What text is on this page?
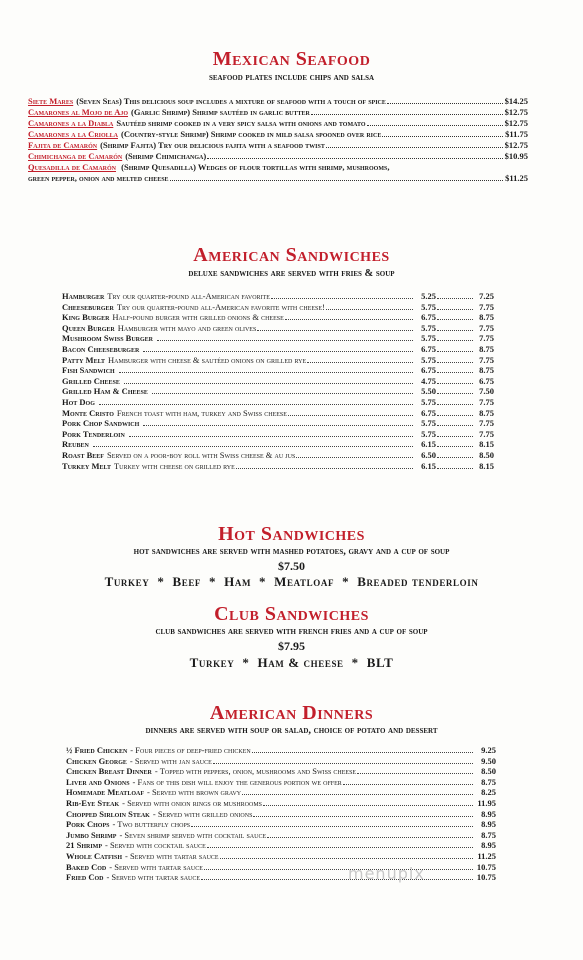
Mexican Seafood

seafood plates include chips and salsa

Siete Mares (Seven Seas) This delicious soup includes a mixture of seafood with a touch of spice	$14.25
Camarones al Mojo de Ajo (Garlic Shrimp) Shrimp sautéed in garlic butter	$12.75
Camarones a la Diabla Sautéed shrimp cooked in a very spicy salsa with onions and tomato	$12.75
Camarones a la Criolla (Country-style Shrimp) Shrimp cooked in mild salsa spooned over rice	$11.75
Fajita de Camarón (Shrimp Fajita) Try our delicious fajita with a seafood twist	$12.75
Chimichanga de Camarón (Shrimp Chimichanga)	$10.95
Quesadilla de Camarón (Shrimp Quesadilla) Wedges of flour tortillas with shrimp, mushrooms,
green pepper, onion and melted cheese	$11.25
American Sandwiches

deluxe sandwiches are served with fries & soup

Hamburger Try our quarter-pound all-American favorite	5.25	7.25
Cheeseburger Try our quarter-pound all-American favorite with cheese!	5.75	7.75
King Burger Half-pound burger with grilled onions & cheese	6.75	8.75
Queen Burger Hamburger with mayo and green olives	5.75	7.75
Mushroom Swiss Burger	5.75	7.75
Bacon Cheeseburger	6.75	8.75
Patty Melt Hamburger with cheese & sautéed onions on grilled rye	5.75	7.75
Fish Sandwich	6.75	8.75
Grilled Cheese	4.75	6.75
Grilled Ham & Cheese	5.50	7.50
Hot Dog	5.75	7.75
Monte Cristo French toast with ham, turkey and Swiss cheese	6.75	8.75
Pork Chop Sandwich	5.75	7.75
Pork Tenderloin	5.75	7.75
Reuben	6.15	8.15
Roast Beef Served on a poor-boy roll with Swiss cheese & au jus	6.50	8.50
Turkey Melt Turkey with cheese on grilled rye	6.15	8.15
Hot Sandwiches

hot sandwiches are served with mashed potatoes, gravy and a cup of soup

$7.50

Turkey * Beef * Ham * Meatloaf * Breaded tenderloin

Club Sandwiches

club sandwiches are served with french fries and a cup of soup

$7.95

Turkey * Ham & cheese * BLT

American Dinners

dinners are served with soup or salad, choice of potato and dessert

½ Fried Chicken - Four pieces of deep-fried chicken	9.25
Chicken George - Served with jan sauce	9.50
Chicken Breast Dinner - Topped with peppers, onion, mushrooms and Swiss cheese	8.50
Liver and Onions - Fans of this dish will enjoy the generous portion we offer	8.75
Homemade Meatloaf - Served with brown gravy	8.25
Rib-Eye Steak - Served with onion rings or mushrooms	11.95
Chopped Sirloin Steak - Served with grilled onions	8.95
Pork Chops - Two butterfly chops	8.95
Jumbo Shrimp - Seven shrimp served with cocktail sauce	8.75
21 Shrimp - Served with cocktail sauce	8.95
Whole Catfish - Served with tartar sauce	11.25
Baked Cod - Served with tartar sauce	10.75
Fried Cod - Served with tartar sauce	10.75
menupix
